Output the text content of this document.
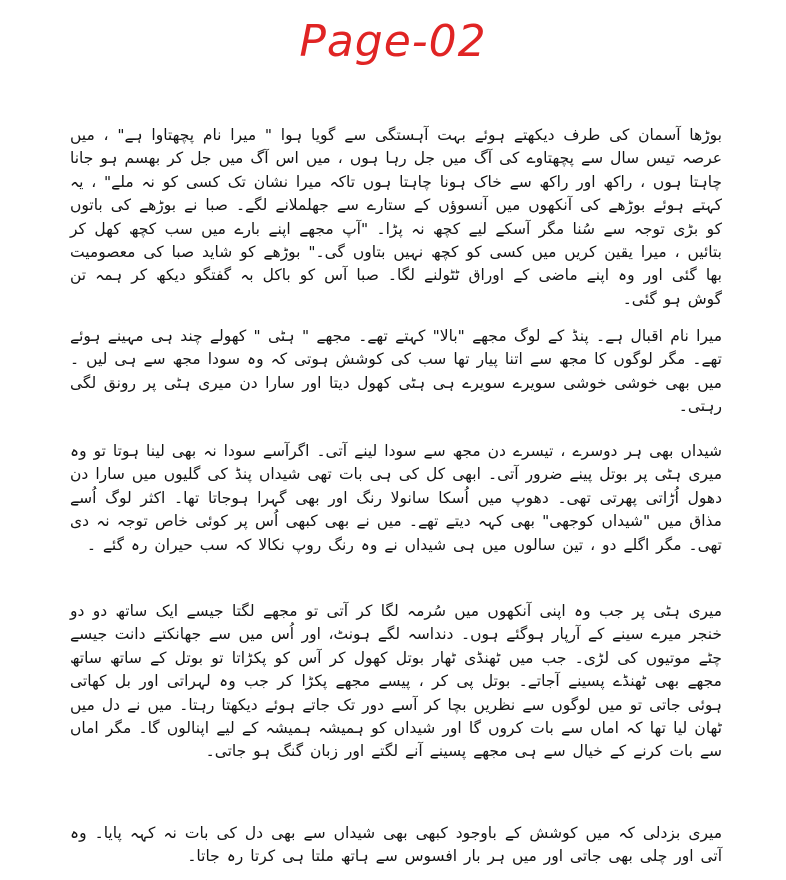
Page-02

بوڑھا آسمان کی طرف دیکھتے ہوئے بہت آہستگی سے گویا ہوا " میرا نام پچھتاوا ہے" ، میں عرصہ تیس سال سے پچھتاوے کی آگ میں جل رہا ہوں ، میں اس آگ میں جل کر بھسم ہو جانا چاہتا ہوں ، راکھ اور راکھ سے خاک ہونا چاہتا ہوں تاکہ میرا نشان تک کسی کو نہ ملے" ، یہ کہتے ہوئے بوڑھے کی آنکھوں میں آنسوؤں کے ستارے سے جھلملانے لگے۔ صبا نے بوڑھے کی باتوں کو بڑی توجہ سے سُنا مگر آسکے لیے کچھ نہ پڑا۔ "آپ مجھے اپنے بارے میں سب کچھ کھل کر بتائیں ، میرا یقین کریں میں کسی کو کچھ نہیں بتاوں گی۔" بوڑھے کو شاید صبا کی معصومیت بھا گئی اور وہ اپنے ماضی کے اوراق ٹٹولنے لگا۔ صبا آس کو باکل بہ گفتگو دیکھ کر ہمہ تن گوش ہو گئی۔

میرا نام اقبال ہے۔ پنڈ کے لوگ مجھے "بالا" کہتے تھے۔ مجھے " ہٹی " کھولے چند ہی مہینے ہوئے تھے۔ مگر لوگوں کا مجھ سے اتنا پیار تھا سب کی کوشش ہوتی کہ وہ سودا مجھ سے ہی لیں ۔ میں بھی خوشی خوشی سویرے سویرے ہی ہٹی کھول دیتا اور سارا دن میری ہٹی پر رونق لگی رہتی۔

شیداں بھی ہر دوسرے ، تیسرے دن مجھ سے سودا لینے آتی۔ اگرآسے سودا نہ بھی لینا ہوتا تو وہ میری ہٹی پر بوتل پینے ضرور آتی۔ ابھی کل کی ہی بات تھی شیداں پنڈ کی گلیوں میں سارا دن دھول اُڑاتی پھرتی تھی۔ دھوپ میں اُسکا سانولا رنگ اور بھی گہرا ہوجاتا تھا۔ اکثر لوگ اُسے مذاق میں "شیداں کوجھی" بھی کہہ دیتے تھے۔ میں نے بھی کبھی اُس پر کوئی خاص توجہ نہ دی تھی۔ مگر اگلے دو ، تین سالوں میں ہی شیداں نے وہ رنگ روپ نکالا کہ سب حیران رہ گئے ۔

میری ہٹی پر جب وہ اپنی آنکھوں میں سُرمہ لگا کر آتی تو مجھے لگتا جیسے ایک ساتھ دو دو خنجر میرے سینے کے آرپار ہوگئے ہوں۔ دنداسہ لگے ہونٹ، اور اُس میں سے جھانکتے دانت جیسے چٹے موتیوں کی لڑی۔ جب میں ٹھنڈی ٹھار بوتل کھول کر آس کو پکڑاتا تو بوتل کے ساتھ ساتھ مجھے بھی ٹھنڈے پسینے آجاتے۔ بوتل پی کر ، پیسے مجھے پکڑا کر جب وہ لہراتی اور بل کھاتی ہوئی جاتی تو میں لوگوں سے نظریں بچا کر آسے دور تک جاتے ہوئے دیکھتا رہتا۔ میں نے دل میں ٹھان لیا تھا کہ اماں سے بات کروں گا اور شیداں کو ہمیشہ ہمیشہ کے لیے اپنالوں گا۔ مگر اماں سے بات کرنے کے خیال سے ہی مجھے پسینے آنے لگتے اور زبان گنگ ہو جاتی۔

میری بزدلی کہ میں کوشش کے باوجود کبھی بھی شیداں سے بھی دل کی بات نہ کہہ پایا۔ وہ آتی اور چلی بھی جاتی اور میں ہر بار افسوس سے ہاتھ ملتا ہی کرتا رہ جاتا۔
